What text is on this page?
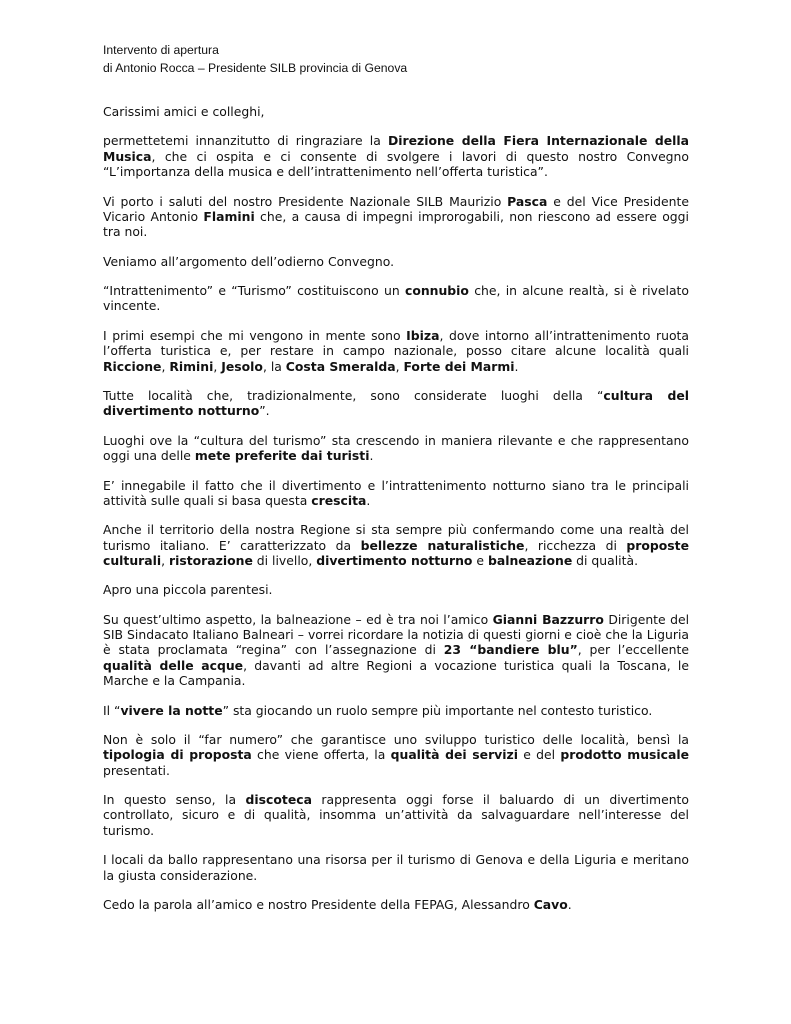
Intervento di apertura
di Antonio Rocca – Presidente SILB provincia di Genova

Carissimi amici e colleghi,

permettetemi innanzitutto di ringraziare la Direzione della Fiera Internazionale della Musica, che ci ospita e ci consente di svolgere i lavori di questo nostro Convegno “L’importanza della musica e dell’intrattenimento nell’offerta turistica”.

Vi porto i saluti del nostro Presidente Nazionale SILB Maurizio Pasca e del Vice Presidente Vicario Antonio Flamini che, a causa di impegni improrogabili, non riescono ad essere oggi tra noi.

Veniamo all’argomento dell’odierno Convegno.

“Intrattenimento” e “Turismo” costituiscono un connubio che, in alcune realtà, si è rivelato vincente.

I primi esempi che mi vengono in mente sono Ibiza, dove intorno all’intrattenimento ruota l’offerta turistica e, per restare in campo nazionale, posso citare alcune località quali Riccione, Rimini, Jesolo, la Costa Smeralda, Forte dei Marmi.

Tutte località che, tradizionalmente, sono considerate luoghi della “cultura del divertimento notturno”.

Luoghi ove la “cultura del turismo” sta crescendo in maniera rilevante e che rappresentano oggi una delle mete preferite dai turisti.

E’ innegabile il fatto che il divertimento e l’intrattenimento notturno siano tra le principali attività sulle quali si basa questa crescita.

Anche il territorio della nostra Regione si sta sempre più confermando come una realtà del turismo italiano. E’ caratterizzato da bellezze naturalistiche, ricchezza di proposte culturali, ristorazione di livello, divertimento notturno e balneazione di qualità.

Apro una piccola parentesi.

Su quest’ultimo aspetto, la balneazione – ed è tra noi l’amico Gianni Bazzurro Dirigente del SIB Sindacato Italiano Balneari – vorrei ricordare la notizia di questi giorni e cioè che la Liguria è stata proclamata “regina” con l’assegnazione di 23 “bandiere blu”, per l’eccellente qualità delle acque, davanti ad altre Regioni a vocazione turistica quali la Toscana, le Marche e la Campania.

Il “vivere la notte” sta giocando un ruolo sempre più importante nel contesto turistico.

Non è solo il “far numero” che garantisce uno sviluppo turistico delle località, bensì la tipologia di proposta che viene offerta, la qualità dei servizi e del prodotto musicale presentati.

In questo senso, la discoteca rappresenta oggi forse il baluardo di un divertimento controllato, sicuro e di qualità, insomma un’attività da salvaguardare nell’interesse del turismo.

I locali da ballo rappresentano una risorsa per il turismo di Genova e della Liguria e meritano la giusta considerazione.

Cedo la parola all’amico e nostro Presidente della FEPAG, Alessandro Cavo.
